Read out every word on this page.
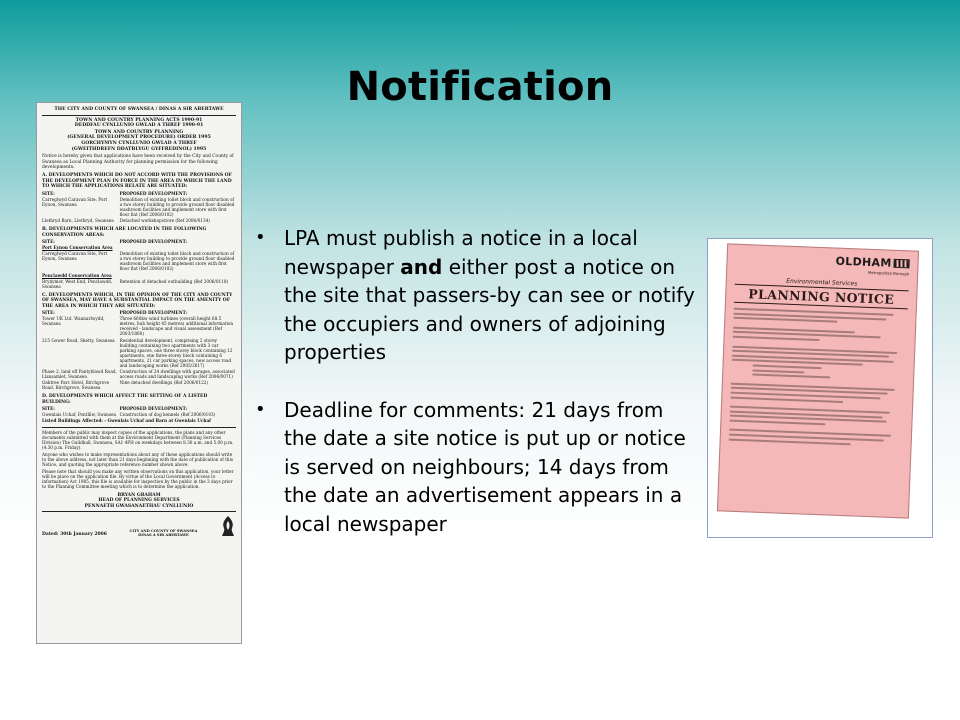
Notification
THE CITY AND COUNTY OF SWANSEA / DINAS A SIR ABERTAWE
TOWN AND COUNTRY PLANNING ACTS 1990-91
DEDDFAU CYNLLUNIO GWLAD A THREF 1990-91
TOWN AND COUNTRY PLANNING
(GENERAL DEVELOPMENT PROCEDURE) ORDER 1995
GORCHYMYN CYNLLUNIO GWLAD A THREF
(GWEITHDREFN DDATBLYGU GYFFREDINOL) 1995
Notice is hereby given that applications have been received by the City and County of Swansea as Local Planning Authority for planning permission for the following developments:
A. DEVELOPMENTS WHICH DO NOT ACCORD WITH THE PROVISIONS OF THE DEVELOPMENT PLAN IN FORCE IN THE AREA IN WHICH THE LAND TO WHICH THE APPLICATIONS RELATE ARE SITUATED:
SITE:	PROPOSED DEVELOPMENT:
Carreglwyd Caravan Site, Port Eynon, Swansea	Demolition of existing toilet block and construction of a two storey building to provide ground floor disabled washroom facilities and implement store with first floor flat (Ref 2006/0102)
Llethryd Barn, Llethryd, Swansea	Detached workshop/store (Ref 2006/0134)
B. DEVELOPMENTS WHICH ARE LOCATED IN THE FOLLOWING CONSERVATION AREAS:
SITE:	PROPOSED DEVELOPMENT:
Port Eynon Conservation Area	
Carreglwyd Caravan Site, Port Eynon, Swansea	Demolition of existing toilet block and construction of a two storey building to provide ground floor disabled washroom facilities and implement store with first floor flat (Ref 2006/0102)
Penclawdd Conservation Area	
Brynymor, West End, Penclawdd, Swansea	Retention of detached outbuilding (Ref 2006/0118)
C. DEVELOPMENTS WHICH, IN THE OPINION OF THE CITY AND COUNTY OF SWANSEA, MAY HAVE A SUBSTANTIAL IMPACT ON THE AMENITY OF THE AREA IN WHICH THEY ARE SITUATED:
SITE:	PROPOSED DEVELOPMENT:
Tower UK Ltd, Waunarlwydd, Swansea	Three 660kw wind turbines (overall height 68.5 metres, hub height 45 metres) additional information received - landscape and visual assessment (Ref 2003/1860)
215 Gower Road, Sketty, Swansea	Residential development, comprising 2 storey building containing two apartments with 3 car parking spaces, one three storey block containing 12 apartments, one three storey block containing 6 apartments, 21 car parking spaces, new access road and landscaping works (Ref 2005/2617)
Phase 2, land off Pantyblawd Road, Llansamlet, Swansea	Construction of 24 dwellings with garages, associated access roads and landscaping works (Ref 2006/0071)
Oaktree Parc Hotel, Birchgrove Road, Birchgrove, Swansea	Nine detached dwellings (Ref 2006/0122)
D. DEVELOPMENTS WHICH AFFECT THE SETTING OF A LISTED BUILDING:
SITE:	PROPOSED DEVELOPMENT:
Gwenlais Uchaf, Pontlliw, Swansea	Construction of dog kennels (Ref 2006/0103)
Listed Buildings Affected: - Gwenlais Uchaf and Barn at Gwenlais Uchaf	
Members of the public may inspect copies of the applications, the plans and any other documents submitted with them at the Environment Department (Planning Services Division) The Guildhall, Swansea, SA1 4PH on weekdays between 8.30 a.m. and 5.00 p.m. (4.30 p.m. Friday).
Anyone who wishes to make representations about any of these applications should write to the above address, not later than 21 days beginning with the date of publication of this Notice, and quoting the appropriate reference number shown above.
Please note that should you make any written observations on this application, your letter will be place on the application file. By virtue of the Local Government (Access to information) Act 1985, this file is available for inspection by the public in the 3 days prior to the Planning Committee meeting which is to determine the application.
BRYAN GRAHAM
HEAD OF PLANNING SERVICES
PENNAETH GWASANAETHAU CYNLLUNIO
Dated: 30th January 2006
CITY AND COUNTY OF SWANSEA
DINAS A SIR ABERTAWE
• LPA must publish a notice in a local newspaper and either post a notice on the site that passers-by can see or notify the occupiers and owners of adjoining properties
• Deadline for comments: 21 days from the date a site notice is put up or notice is served on neighbours; 14 days from the date an advertisement appears in a local newspaper
OLDHAM
Metropolitan Borough
Environmental Services
PLANNING NOTICE
